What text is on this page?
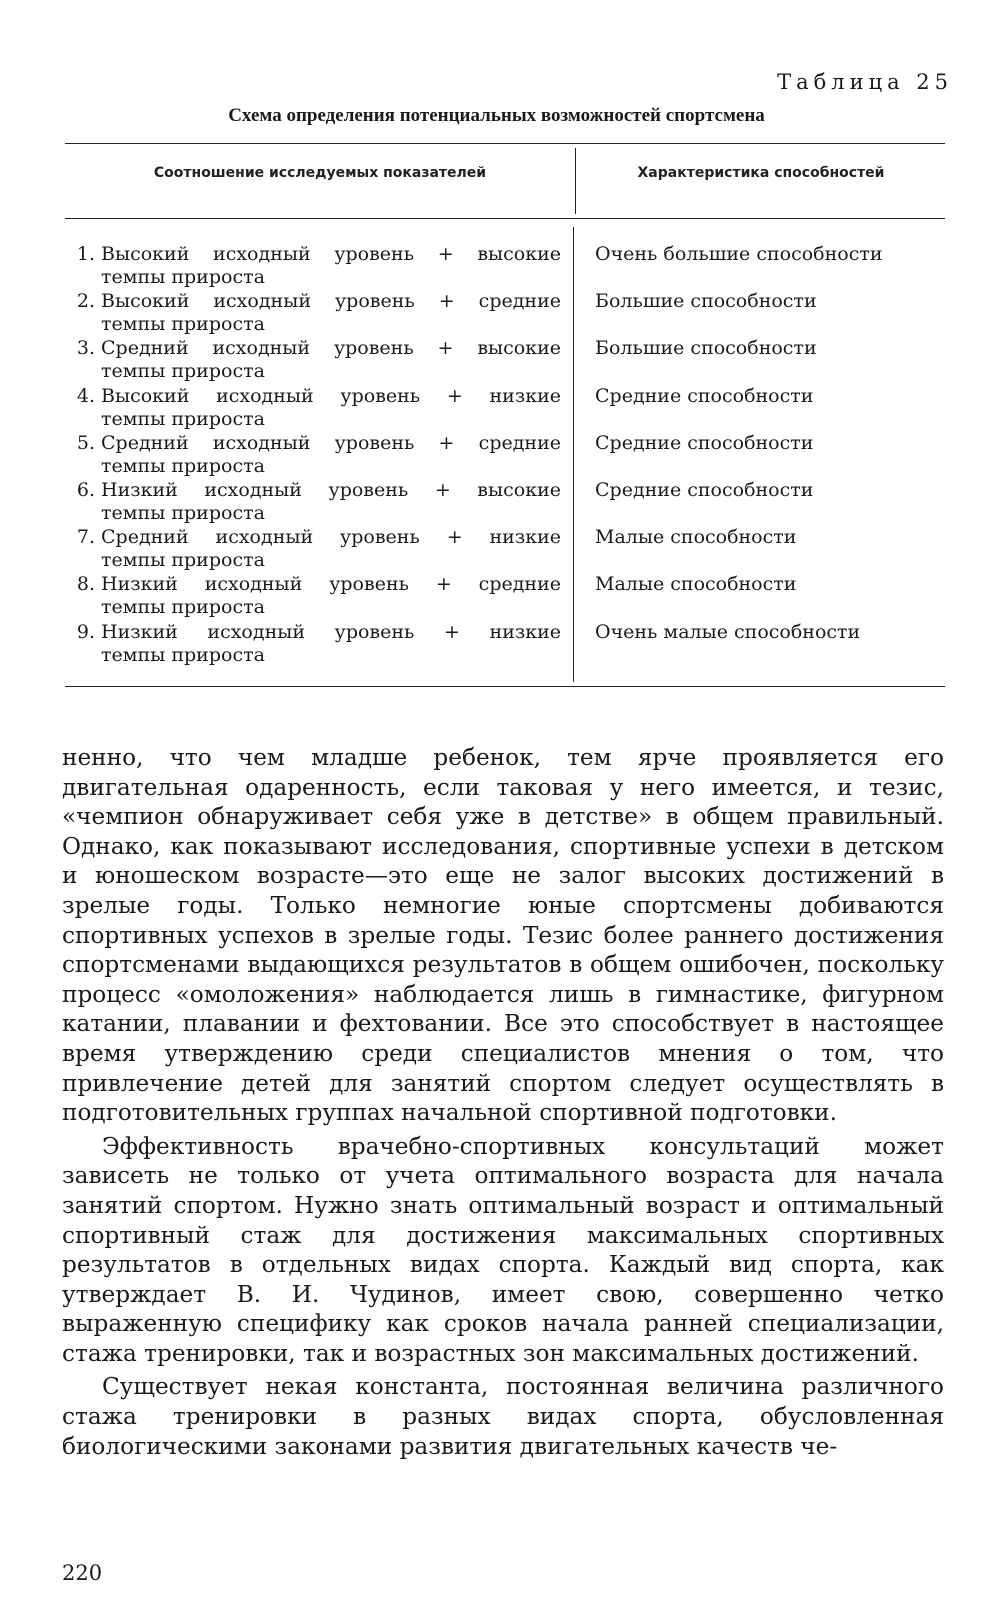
Таблица 25
Схема определения потенциальных возможностей спортсмена
Соотношение исследуемых показателей	Характеристика способностей
1. Высокий исходный уровень + высокие
темпы прироста
Очень большие способности
2. Высокий исходный уровень + средние
темпы прироста
Большие способности
3. Средний исходный уровень + высокие
темпы прироста
Большие способности
4. Высокий исходный уровень + низкие
темпы прироста
Средние способности
5. Средний исходный уровень + средние
темпы прироста
Средние способности
6. Низкий исходный уровень + высокие
темпы прироста
Средние способности
7. Средний исходный уровень + низкие
темпы прироста
Малые способности
8. Низкий исходный уровень + средние
темпы прироста
Малые способности
9. Низкий исходный уровень + низкие
темпы прироста
Очень малые способности

ненно, что чем младше ребенок, тем ярче проявляется его двигательная одаренность, если таковая у него имеется, и тезис, «чемпион обнаруживает себя уже в детстве» в общем правильный. Однако, как показывают исследования, спортивные успехи в детском и юношеском возрасте—это еще не залог высоких достижений в зрелые годы. Только немногие юные спортсмены добиваются спортивных успехов в зрелые годы. Тезис более раннего достижения спортсменами выдающихся результатов в общем ошибочен, поскольку процесс «омоложения» наблюдается лишь в гимнастике, фигурном катании, плавании и фехтовании. Все это способствует в настоящее время утверждению среди специалистов мнения о том, что привлечение детей для занятий спортом следует осуществлять в подготовительных группах начальной спортивной подготовки.

Эффективность врачебно-спортивных консультаций может зависеть не только от учета оптимального возраста для начала занятий спортом. Нужно знать оптимальный возраст и оптимальный спортивный стаж для достижения максимальных спортивных результатов в отдельных видах спорта. Каждый вид спорта, как утверждает В. И. Чудинов, имеет свою, совершенно четко выраженную специфику как сроков начала ранней специализации, стажа тренировки, так и возрастных зон максимальных достижений.

Существует некая константа, постоянная величина различного стажа тренировки в разных видах спорта, обусловленная биологическими законами развития двигательных качеств че-

220
